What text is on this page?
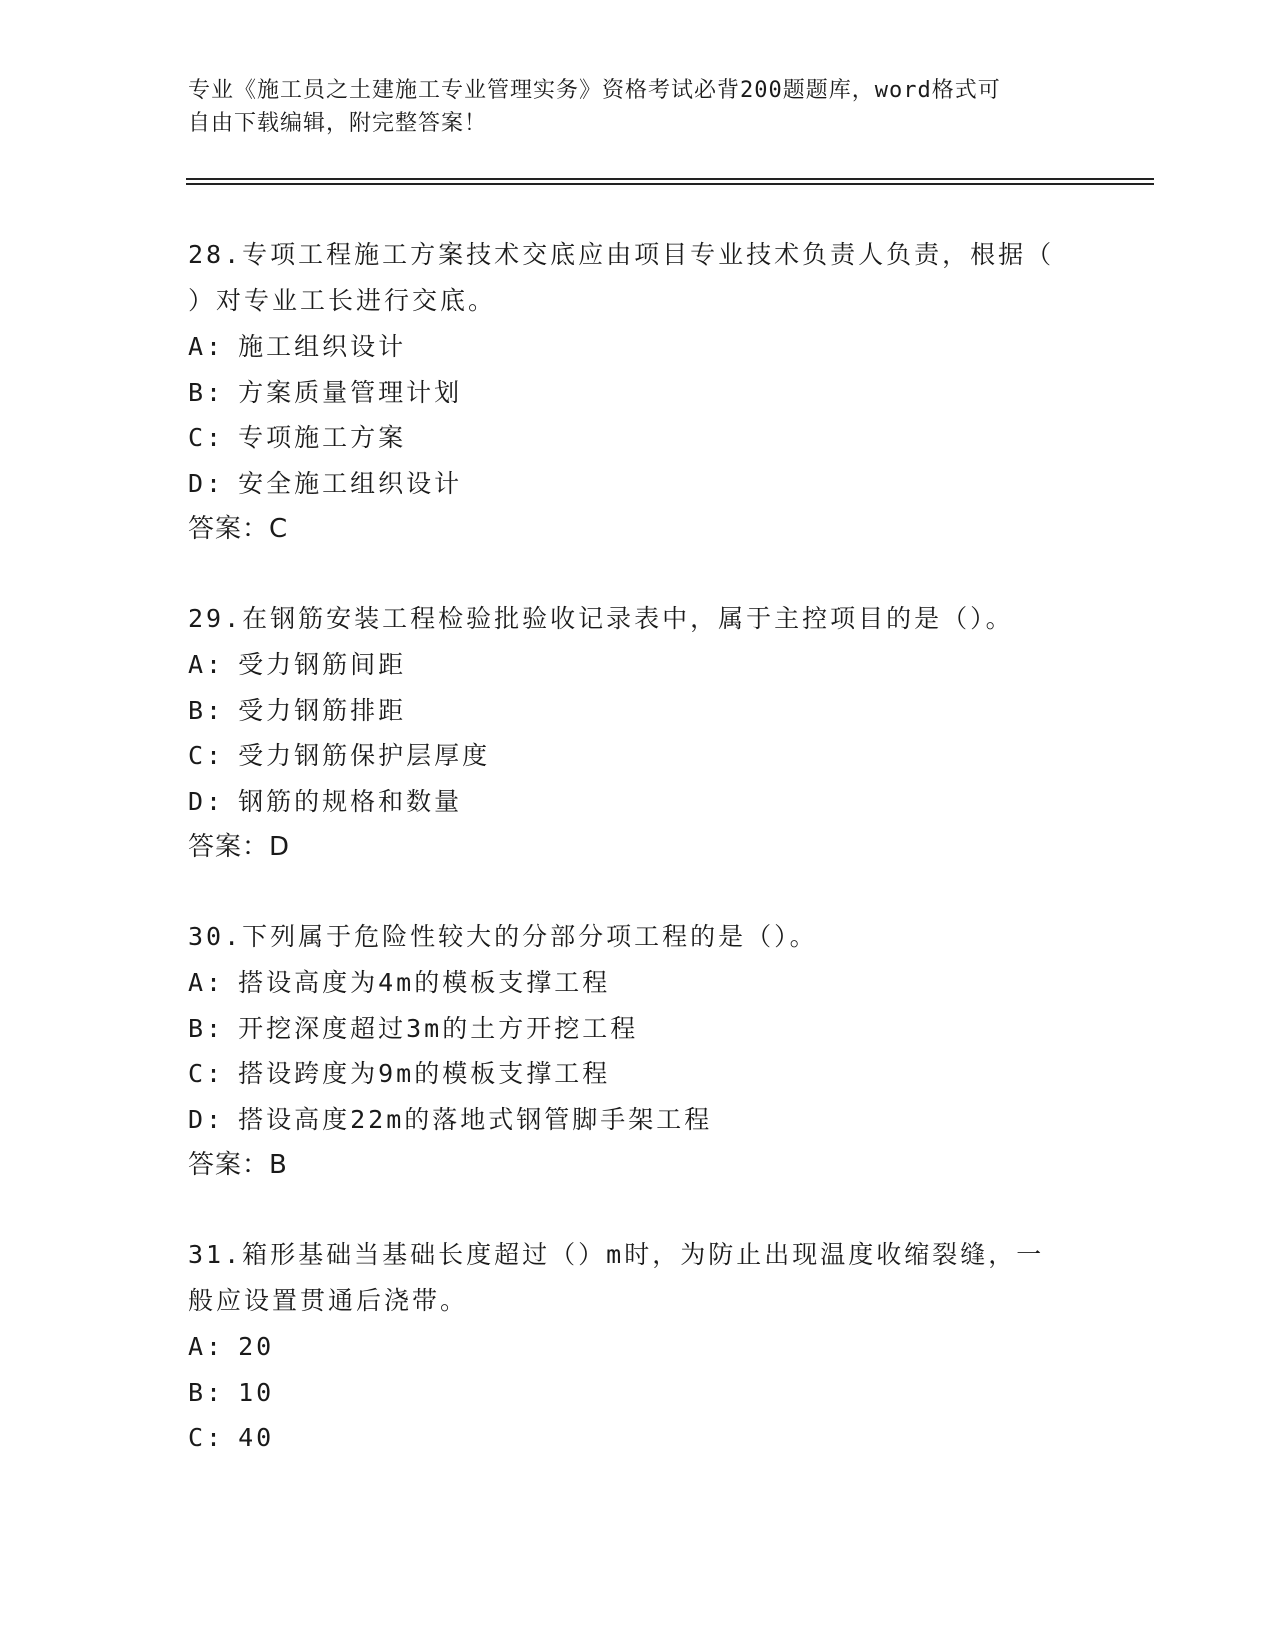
专业《施工员之土建施工专业管理实务》资格考试必背200题题库，word格式可
自由下载编辑，附完整答案！
28.专项工程施工方案技术交底应由项目专业技术负责人负责，根据（
）对专业工长进行交底。
A: 施工组织设计
B: 方案质量管理计划
C: 专项施工方案
D: 安全施工组织设计
答案：C
29.在钢筋安装工程检验批验收记录表中，属于主控项目的是（）。
A: 受力钢筋间距
B: 受力钢筋排距
C: 受力钢筋保护层厚度
D: 钢筋的规格和数量
答案：D
30.下列属于危险性较大的分部分项工程的是（）。
A: 搭设高度为4m的模板支撑工程
B: 开挖深度超过3m的土方开挖工程
C: 搭设跨度为9m的模板支撑工程
D: 搭设高度22m的落地式钢管脚手架工程
答案：B
31.箱形基础当基础长度超过（）m时，为防止出现温度收缩裂缝，一
般应设置贯通后浇带。
A: 20
B: 10
C: 40
